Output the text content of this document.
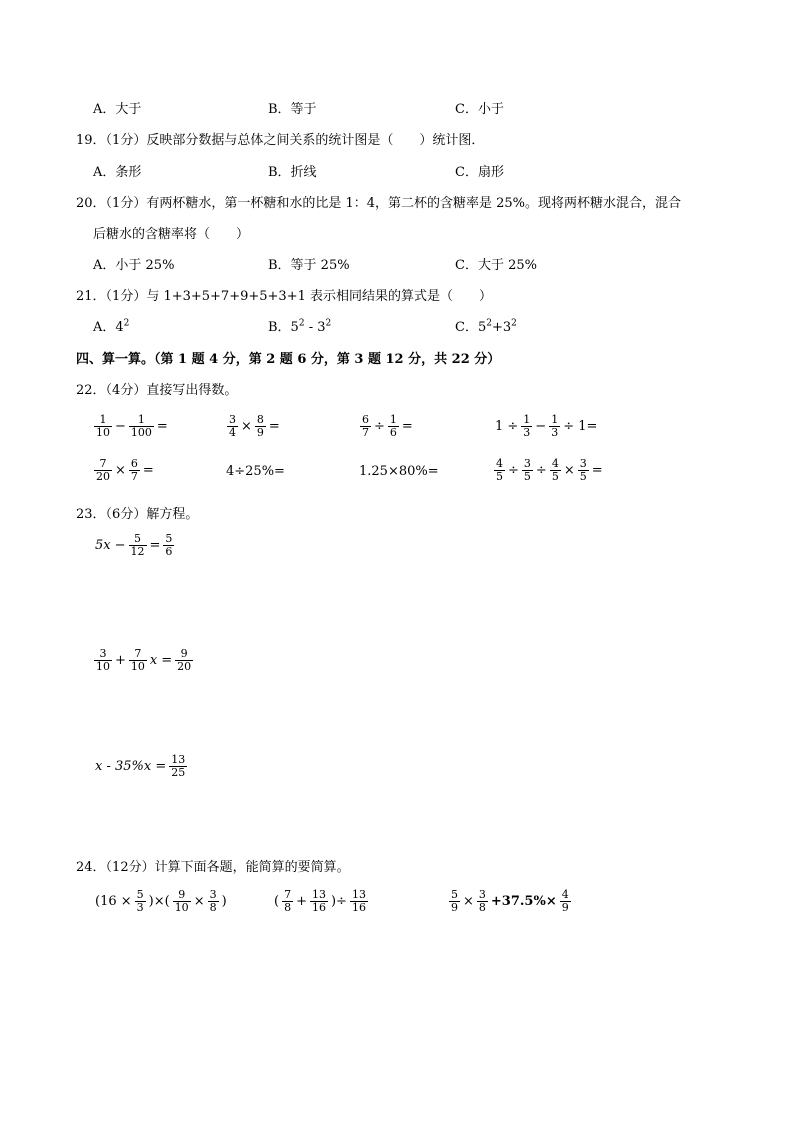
A．大于	B．等于	C．小于
19．（1分）反映部分数据与总体之间关系的统计图是（　　）统计图．
A．条形	B．折线	C．扇形
20．（1分）有两杯糖水，第一杯糖和水的比是 1：4，第二杯的含糖率是 25%。现将两杯糖水混合，混合
后糖水的含糖率将（　　）
A．小于 25%	B．等于 25%	C．大于 25%
21．（1分）与 1+3+5+7+9+5+3+1 表示相同结果的算式是（　　）
A．$4^2$	B．$5^2 - 3^2$	C．$5^2+3^2$
四、算一算。（第 1 题 4 分，第 2 题 6 分，第 3 题 12 分，共 22 分）
22．（4分）直接写出得数。
$\frac{1}{10} - \frac{1}{100}$ =	$\frac{3}{4} \times \frac{8}{9}$ =	$\frac{6}{7} \div \frac{1}{6}$ =	$1 \div \frac{1}{3} - \frac{1}{3} \div 1=$
$\frac{7}{20} \times \frac{6}{7}$ =	4÷25%=	1.25×80%=	$\frac{4}{5} \div \frac{3}{5} \div \frac{4}{5} \times \frac{3}{5}$ =
23．（6分）解方程。
$5x - \frac{5}{12} = \frac{5}{6}$
$\frac{3}{10} + \frac{7}{10}$ $x = \frac{9}{20}$
$x - 35\%x = \frac{13}{25}$
24．（12分）计算下面各题，能简算的要简算。
($16 \times \frac{5}{3}$ )×( $\frac{9}{10} \times \frac{3}{8}$ )	( $\frac{7}{8} + \frac{13}{16}$ )÷ $\frac{13}{16}$	$\frac{5}{9} \times \frac{3}{8} +37.5\%\times \frac{4}{9}$
